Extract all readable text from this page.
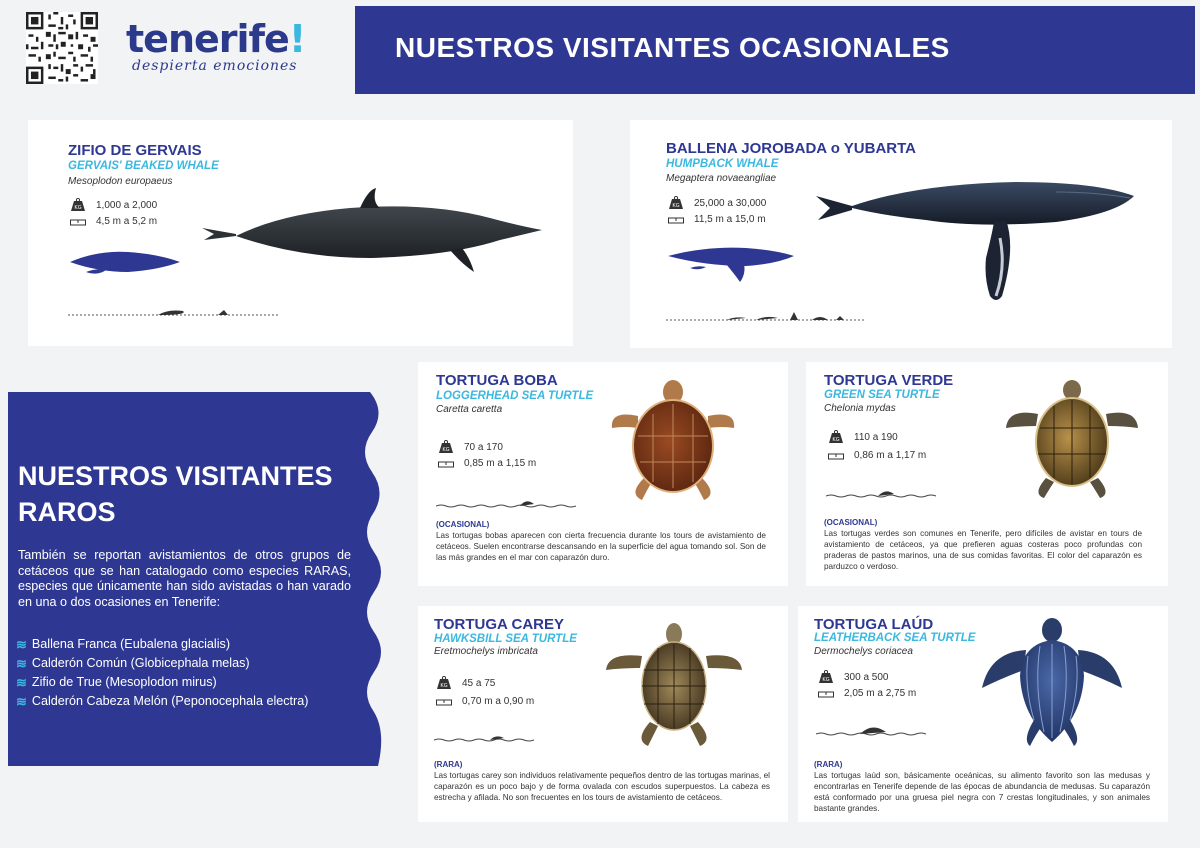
tenerife!
despierta emociones
NUESTROS VISITANTES OCASIONALES
ZIFIO DE GERVAIS
GERVAIS' BEAKED WHALE
Mesoplodon europaeus
KG 1,000 a 2,000
4,5 m a 5,2 m
BALLENA JOROBADA o YUBARTA
HUMPBACK WHALE
Megaptera novaeangliae
KG 25,000 a 30,000
11,5 m a 15,0 m
TORTUGA BOBA
LOGGERHEAD SEA TURTLE
Caretta caretta
KG 70 a 170
0,85 m a 1,15 m
(OCASIONAL)
Las tortugas bobas aparecen con cierta frecuencia durante los tours de avistamiento de cetáceos. Suelen encontrarse descansando en la superficie del agua tomando sol. Son de las más grandes en el mar con caparazón duro.
TORTUGA VERDE
GREEN SEA TURTLE
Chelonia mydas
KG 110 a 190
0,86 m a 1,17 m
(OCASIONAL)
Las tortugas verdes son comunes en Tenerife, pero difíciles de avistar en tours de avistamiento de cetáceos, ya que prefieren aguas costeras poco profundas con praderas de pastos marinos, una de sus comidas favoritas. El color del caparazón es parduzco o verdoso.
TORTUGA CAREY
HAWKSBILL SEA TURTLE
Eretmochelys imbricata
KG 45 a 75
0,70 m a 0,90 m
(RARA)
Las tortugas carey son individuos relativamente pequeños dentro de las tortugas marinas, el caparazón es un poco bajo y de forma ovalada con escudos superpuestos. La cabeza es estrecha y afilada. No son frecuentes en los tours de avistamiento de cetáceos.
TORTUGA LAÚD
LEATHERBACK SEA TURTLE
Dermochelys coriacea
KG 300 a 500
2,05 m a 2,75 m
(RARA)
Las tortugas laúd son, básicamente oceánicas, su alimento favorito son las medusas y encontrarlas en Tenerife depende de las épocas de abundancia de medusas. Su caparazón está conformado por una gruesa piel negra con 7 crestas longitudinales, y son animales bastante grandes.
NUESTROS VISITANTES RAROS
También se reportan avistamientos de otros grupos de cetáceos que se han catalogado como especies RARAS, especies que únicamente han sido avistadas o han varado en una o dos ocasiones en Tenerife:
≋ Ballena Franca (Eubalena glacialis)
≋ Calderón Común (Globicephala melas)
≋ Zifio de True (Mesoplodon mirus)
≋ Calderón Cabeza Melón (Peponocephala electra)
